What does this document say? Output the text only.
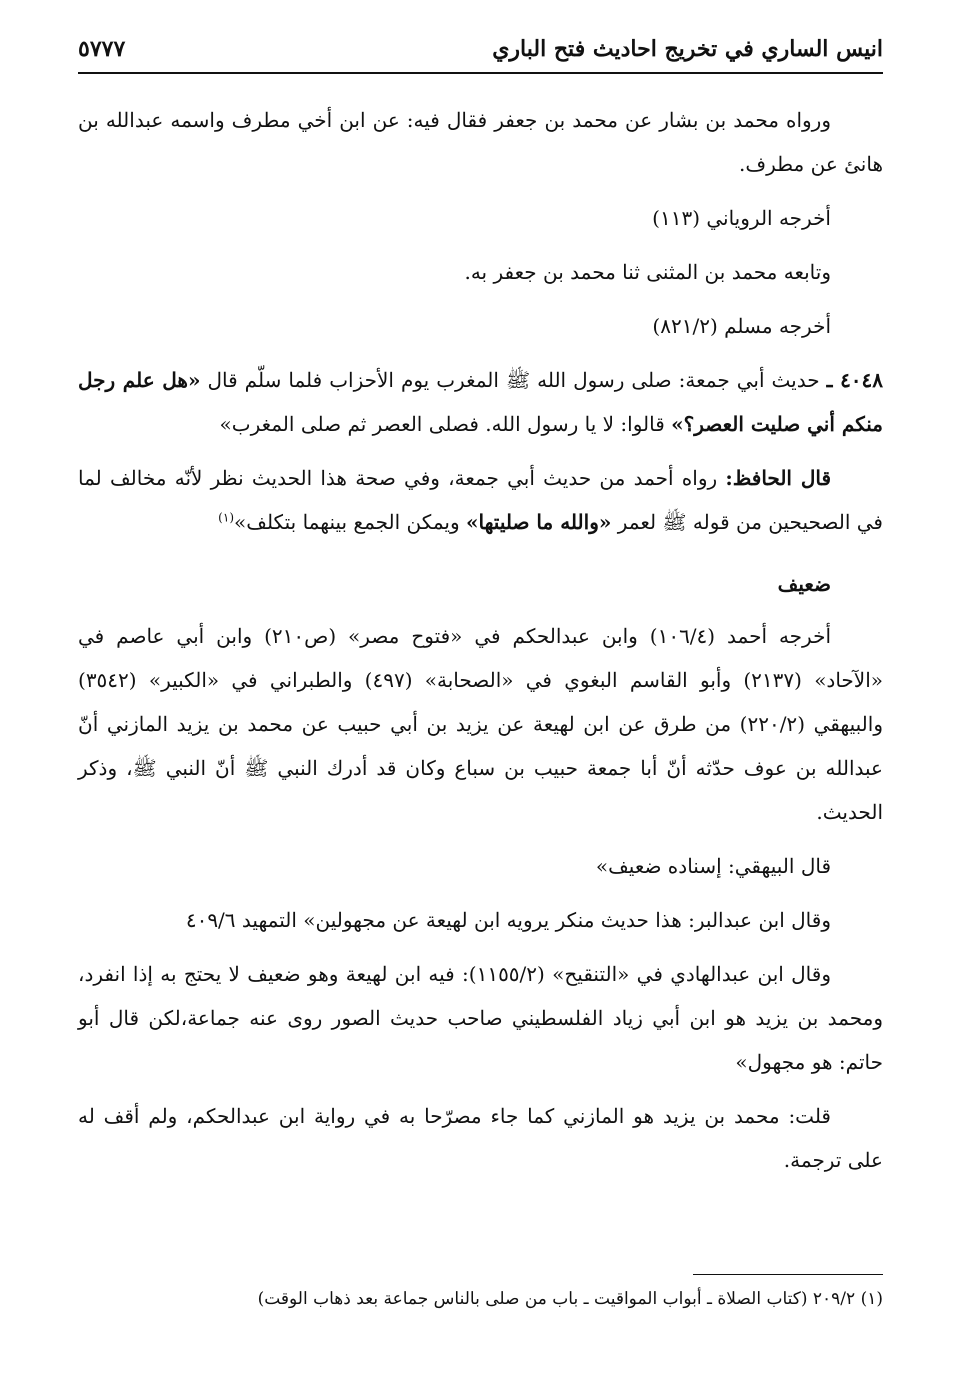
انيس الساري في تخريج احاديث فتح الباري
٥٧٧٧

ورواه محمد بن بشار عن محمد بن جعفر فقال فيه: عن ابن أخي مطرف واسمه عبدالله بن هانئ عن مطرف.

أخرجه الروياني (١١٣)

وتابعه محمد بن المثنى ثنا محمد بن جعفر به.

أخرجه مسلم (٨٢١/٢)

٤٠٤٨ ـ حديث أبي جمعة: صلى رسول الله ﷺ المغرب يوم الأحزاب فلما سلّم قال «هل علم رجل منكم أني صليت العصر؟» قالوا: لا يا رسول الله. فصلى العصر ثم صلى المغرب»

قال الحافظ: رواه أحمد من حديث أبي جمعة، وفي صحة هذا الحديث نظر لأنّه مخالف لما في الصحيحين من قوله ﷺ لعمر «والله ما صليتها» ويمكن الجمع بينهما بتكلف»$^{(١)}$

ضعيف

أخرجه أحمد (١٠٦/٤) وابن عبدالحكم في «فتوح مصر» (ص٢١٠) وابن أبي عاصم في «الآحاد» (٢١٣٧) وأبو القاسم البغوي في «الصحابة» (٤٩٧) والطبراني في «الكبير» (٣٥٤٢) والبيهقي (٢٢٠/٢) من طرق عن ابن لهيعة عن يزيد بن أبي حبيب عن محمد بن يزيد المازني أنّ عبدالله بن عوف حدّثه أنّ أبا جمعة حبيب بن سباع وكان قد أدرك النبي ﷺ أنّ النبي ﷺ، وذكر الحديث.

قال البيهقي: إسناده ضعيف»

وقال ابن عبدالبر: هذا حديث منكر يرويه ابن لهيعة عن مجهولين» التمهيد ٤٠٩/٦

وقال ابن عبدالهادي في «التنقيح» (١١٥٥/٢): فيه ابن لهيعة وهو ضعيف لا يحتج به إذا انفرد، ومحمد بن يزيد هو ابن أبي زياد الفلسطيني صاحب حديث الصور روى عنه جماعة،لكن قال أبو حاتم: هو مجهول»

قلت: محمد بن يزيد هو المازني كما جاء مصرّحا به في رواية ابن عبدالحكم، ولم أقف له على ترجمة.

(١) ٢٠٩/٢ (كتاب الصلاة ـ أبواب المواقيت ـ باب من صلى بالناس جماعة بعد ذهاب الوقت)
